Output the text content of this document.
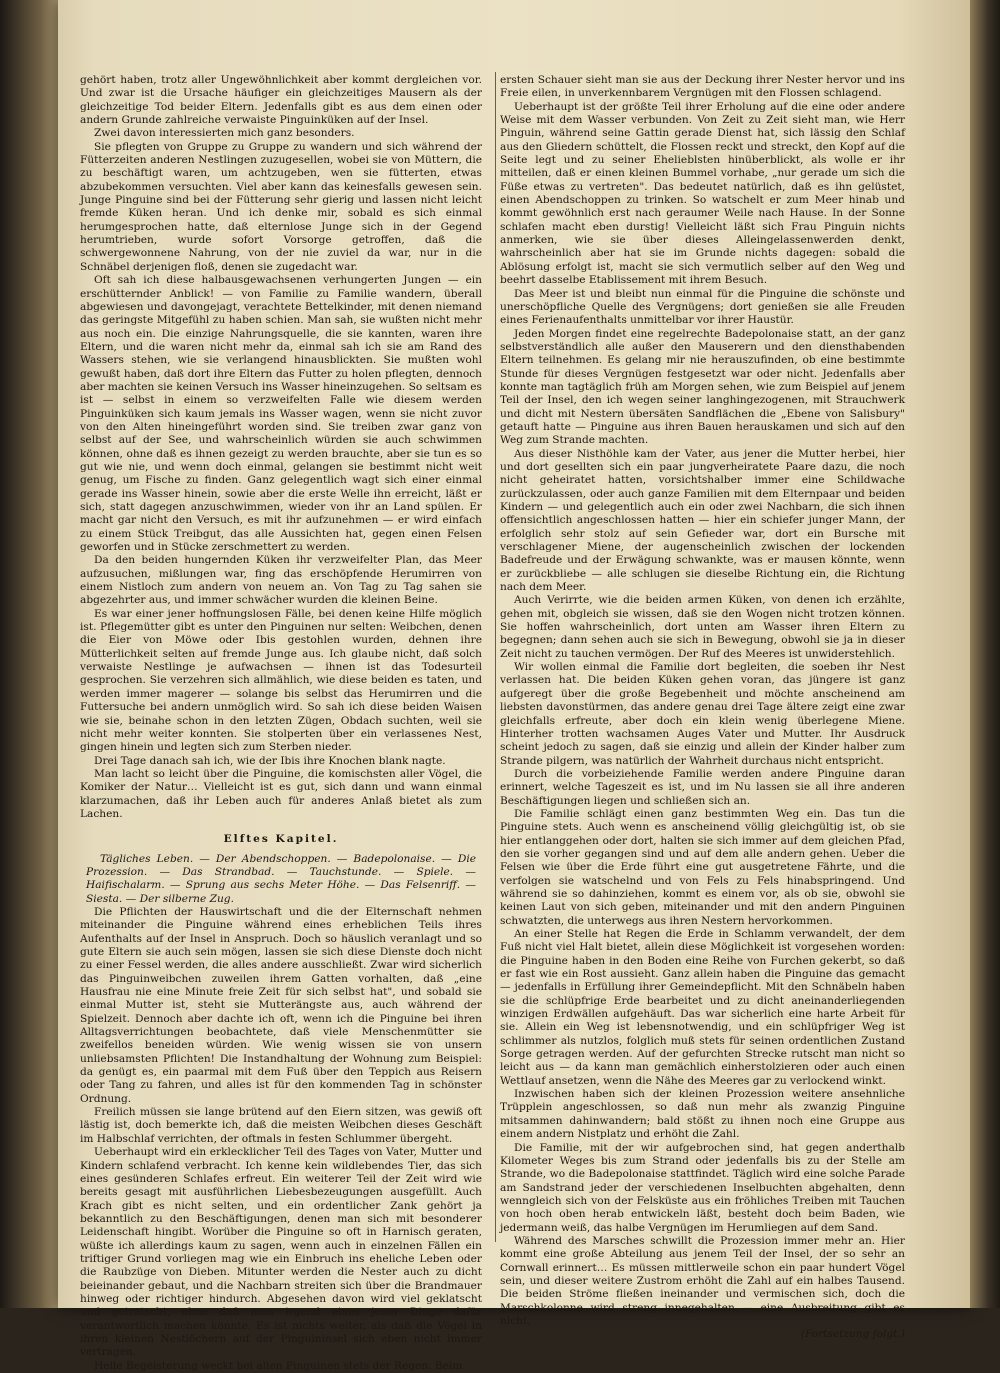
gehört haben, trotz aller Ungewöhnlichkeit aber kommt dergleichen vor. Und zwar ist die Ursache häufiger ein gleichzeitiges Mausern als der gleichzeitige Tod beider Eltern. Jedenfalls gibt es aus dem einen oder andern Grunde zahlreiche verwaiste Pinguinküken auf der Insel.

Zwei davon interessierten mich ganz besonders.

Sie pflegten von Gruppe zu Gruppe zu wandern und sich während der Fütterzeiten anderen Nestlingen zuzugesellen, wobei sie von Müttern, die zu beschäftigt waren, um achtzugeben, wen sie fütterten, etwas abzubekommen versuchten. Viel aber kann das keinesfalls gewesen sein. Junge Pinguine sind bei der Fütterung sehr gierig und lassen nicht leicht fremde Küken heran. Und ich denke mir, sobald es sich einmal herumgesprochen hatte, daß elternlose Junge sich in der Gegend herumtrieben, wurde sofort Vorsorge getroffen, daß die schwergewonnene Nahrung, von der nie zuviel da war, nur in die Schnäbel derjenigen floß, denen sie zugedacht war.

Oft sah ich diese halbausgewachsenen verhungerten Jungen — ein erschütternder Anblick! — von Familie zu Familie wandern, überall abgewiesen und davongejagt, verachtete Bettelkinder, mit denen niemand das geringste Mitgefühl zu haben schien. Man sah, sie wußten nicht mehr aus noch ein. Die einzige Nahrungsquelle, die sie kannten, waren ihre Eltern, und die waren nicht mehr da, einmal sah ich sie am Rand des Wassers stehen, wie sie verlangend hinausblickten. Sie mußten wohl gewußt haben, daß dort ihre Eltern das Futter zu holen pflegten, dennoch aber machten sie keinen Versuch ins Wasser hineinzugehen. So seltsam es ist — selbst in einem so verzweifelten Falle wie diesem werden Pinguinküken sich kaum jemals ins Wasser wagen, wenn sie nicht zuvor von den Alten hineingeführt worden sind. Sie treiben zwar ganz von selbst auf der See, und wahrscheinlich würden sie auch schwimmen können, ohne daß es ihnen gezeigt zu werden brauchte, aber sie tun es so gut wie nie, und wenn doch einmal, gelangen sie bestimmt nicht weit genug, um Fische zu finden. Ganz gelegentlich wagt sich einer einmal gerade ins Wasser hinein, sowie aber die erste Welle ihn erreicht, läßt er sich, statt dagegen anzuschwimmen, wieder von ihr an Land spülen. Er macht gar nicht den Versuch, es mit ihr aufzunehmen — er wird einfach zu einem Stück Treibgut, das alle Aussichten hat, gegen einen Felsen geworfen und in Stücke zerschmettert zu werden.

Da den beiden hungernden Küken ihr verzweifelter Plan, das Meer aufzusuchen, mißlungen war, fing das erschöpfende Herumirren von einem Nistloch zum andern von neuem an. Von Tag zu Tag sahen sie abgezehrter aus, und immer schwächer wurden die kleinen Beine.

Es war einer jener hoffnungslosen Fälle, bei denen keine Hilfe möglich ist. Pflegemütter gibt es unter den Pinguinen nur selten: Weibchen, denen die Eier von Möwe oder Ibis gestohlen wurden, dehnen ihre Mütterlichkeit selten auf fremde Junge aus. Ich glaube nicht, daß solch verwaiste Nestlinge je aufwachsen — ihnen ist das Todesurteil gesprochen. Sie verzehren sich allmählich, wie diese beiden es taten, und werden immer magerer — solange bis selbst das Herumirren und die Futtersuche bei andern unmöglich wird. So sah ich diese beiden Waisen wie sie, beinahe schon in den letzten Zügen, Obdach suchten, weil sie nicht mehr weiter konnten. Sie stolperten über ein verlassenes Nest, gingen hinein und legten sich zum Sterben nieder.

Drei Tage danach sah ich, wie der Ibis ihre Knochen blank nagte.

Man lacht so leicht über die Pinguine, die komischsten aller Vögel, die Komiker der Natur… Vielleicht ist es gut, sich dann und wann einmal klarzumachen, daß ihr Leben auch für anderes Anlaß bietet als zum Lachen.

Elftes Kapitel.

Tägliches Leben. — Der Abendschoppen. — Badepolonaise. — Die Prozession. — Das Strandbad. — Tauchstunde. — Spiele. — Haifischalarm. — Sprung aus sechs Meter Höhe. — Das Felsenriff. — Siesta. — Der silberne Zug.

Die Pflichten der Hauswirtschaft und die der Elternschaft nehmen miteinander die Pinguine während eines erheblichen Teils ihres Aufenthalts auf der Insel in Anspruch. Doch so häuslich veranlagt und so gute Eltern sie auch sein mögen, lassen sie sich diese Dienste doch nicht zu einer Fessel werden, die alles andere ausschließt. Zwar wird sicherlich das Pinguinweibchen zuweilen ihrem Gatten vorhalten, daß „eine Hausfrau nie eine Minute freie Zeit für sich selbst hat", und sobald sie einmal Mutter ist, steht sie Mutterängste aus, auch während der Spielzeit. Dennoch aber dachte ich oft, wenn ich die Pinguine bei ihren Alltagsverrichtungen beobachtete, daß viele Menschenmütter sie zweifellos beneiden würden. Wie wenig wissen sie von unsern unliebsamsten Pflichten! Die Instandhaltung der Wohnung zum Beispiel: da genügt es, ein paarmal mit dem Fuß über den Teppich aus Reisern oder Tang zu fahren, und alles ist für den kommenden Tag in schönster Ordnung.

Freilich müssen sie lange brütend auf den Eiern sitzen, was gewiß oft lästig ist, doch bemerkte ich, daß die meisten Weibchen dieses Geschäft im Halbschlaf verrichten, der oftmals in festen Schlummer übergeht.

Ueberhaupt wird ein erklecklicher Teil des Tages von Vater, Mutter und Kindern schlafend verbracht. Ich kenne kein wildlebendes Tier, das sich eines gesünderen Schlafes erfreut. Ein weiterer Teil der Zeit wird wie bereits gesagt mit ausführlichen Liebesbezeugungen ausgefüllt. Auch Krach gibt es nicht selten, und ein ordentlicher Zank gehört ja bekanntlich zu den Beschäftigungen, denen man sich mit besonderer Leidenschaft hingibt. Worüber die Pinguine so oft in Harnisch geraten, wüßte ich allerdings kaum zu sagen, wenn auch in einzelnen Fällen ein triftiger Grund vorliegen mag wie ein Einbruch ins eheliche Leben oder die Raubzüge von Dieben. Mitunter werden die Nester auch zu dicht beieinander gebaut, und die Nachbarn streiten sich über die Brandmauer hinweg oder richtiger hindurch. Abgesehen davon wird viel geklatscht und getratscht, ohne daß man irgend eines jener Dinge dafür verantwortlich machen könnte. Es ist nichts weiter, als daß die Vögel in ihren kleinen Nestlöchern auf der Pinguininsel sich eben nicht immer vertragen.

Helle Begeisterung weckt bei allen Pinguinen stets der Regen. Beim

ersten Schauer sieht man sie aus der Deckung ihrer Nester hervor und ins Freie eilen, in unverkennbarem Vergnügen mit den Flossen schlagend.

Ueberhaupt ist der größte Teil ihrer Erholung auf die eine oder andere Weise mit dem Wasser verbunden. Von Zeit zu Zeit sieht man, wie Herr Pinguin, während seine Gattin gerade Dienst hat, sich lässig den Schlaf aus den Gliedern schüttelt, die Flossen reckt und streckt, den Kopf auf die Seite legt und zu seiner Ehelieblsten hinüberblickt, als wolle er ihr mitteilen, daß er einen kleinen Bummel vorhabe, „nur gerade um sich die Füße etwas zu vertreten". Das bedeutet natürlich, daß es ihn gelüstet, einen Abendschoppen zu trinken. So watschelt er zum Meer hinab und kommt gewöhnlich erst nach geraumer Weile nach Hause. In der Sonne schlafen macht eben durstig! Vielleicht läßt sich Frau Pinguin nichts anmerken, wie sie über dieses Alleingelassenwerden denkt, wahrscheinlich aber hat sie im Grunde nichts dagegen: sobald die Ablösung erfolgt ist, macht sie sich vermutlich selber auf den Weg und beehrt dasselbe Etablissement mit ihrem Besuch.

Das Meer ist und bleibt nun einmal für die Pinguine die schönste und unerschöpfliche Quelle des Vergnügens; dort genießen sie alle Freuden eines Ferienaufenthalts unmittelbar vor ihrer Haustür.

Jeden Morgen findet eine regelrechte Badepolonaise statt, an der ganz selbstverständlich alle außer den Mauserern und den diensthabenden Eltern teilnehmen. Es gelang mir nie herauszufinden, ob eine bestimmte Stunde für dieses Vergnügen festgesetzt war oder nicht. Jedenfalls aber konnte man tagtäglich früh am Morgen sehen, wie zum Beispiel auf jenem Teil der Insel, den ich wegen seiner langhingezogenen, mit Strauchwerk und dicht mit Nestern übersäten Sandflächen die „Ebene von Salisbury" getauft hatte — Pinguine aus ihren Bauen herauskamen und sich auf den Weg zum Strande machten.

Aus dieser Nisthöhle kam der Vater, aus jener die Mutter herbei, hier und dort gesellten sich ein paar jungverheiratete Paare dazu, die noch nicht geheiratet hatten, vorsichtshalber immer eine Schildwache zurückzulassen, oder auch ganze Familien mit dem Elternpaar und beiden Kindern — und gelegentlich auch ein oder zwei Nachbarn, die sich ihnen offensichtlich angeschlossen hatten — hier ein schiefer junger Mann, der erfolglich sehr stolz auf sein Gefieder war, dort ein Bursche mit verschlagener Miene, der augenscheinlich zwischen der lockenden Badefreude und der Erwägung schwankte, was er mausen könnte, wenn er zurückbliebe — alle schlugen sie dieselbe Richtung ein, die Richtung nach dem Meer.

Auch Verirrte, wie die beiden armen Küken, von denen ich erzählte, gehen mit, obgleich sie wissen, daß sie den Wogen nicht trotzen können. Sie hoffen wahrscheinlich, dort unten am Wasser ihren Eltern zu begegnen; dann sehen auch sie sich in Bewegung, obwohl sie ja in dieser Zeit nicht zu tauchen vermögen. Der Ruf des Meeres ist unwiderstehlich.

Wir wollen einmal die Familie dort begleiten, die soeben ihr Nest verlassen hat. Die beiden Küken gehen voran, das jüngere ist ganz aufgeregt über die große Begebenheit und möchte anscheinend am liebsten davonstürmen, das andere genau drei Tage ältere zeigt eine zwar gleichfalls erfreute, aber doch ein klein wenig überlegene Miene. Hinterher trotten wachsamen Auges Vater und Mutter. Ihr Ausdruck scheint jedoch zu sagen, daß sie einzig und allein der Kinder halber zum Strande pilgern, was natürlich der Wahrheit durchaus nicht entspricht.

Durch die vorbeiziehende Familie werden andere Pinguine daran erinnert, welche Tageszeit es ist, und im Nu lassen sie all ihre anderen Beschäftigungen liegen und schließen sich an.

Die Familie schlägt einen ganz bestimmten Weg ein. Das tun die Pinguine stets. Auch wenn es anscheinend völlig gleichgültig ist, ob sie hier entlanggehen oder dort, halten sie sich immer auf dem gleichen Pfad, den sie vorher gegangen sind und auf dem alle andern gehen. Ueber die Felsen wie über die Erde führt eine gut ausgetretene Fährte, und die verfolgen sie watschelnd und von Fels zu Fels hinabspringend. Und während sie so dahinziehen, kommt es einem vor, als ob sie, obwohl sie keinen Laut von sich geben, miteinander und mit den andern Pinguinen schwatzten, die unterwegs aus ihren Nestern hervorkommen.

An einer Stelle hat Regen die Erde in Schlamm verwandelt, der dem Fuß nicht viel Halt bietet, allein diese Möglichkeit ist vorgesehen worden: die Pinguine haben in den Boden eine Reihe von Furchen gekerbt, so daß er fast wie ein Rost aussieht. Ganz allein haben die Pinguine das gemacht — jedenfalls in Erfüllung ihrer Gemeindepflicht. Mit den Schnäbeln haben sie die schlüpfrige Erde bearbeitet und zu dicht aneinanderliegenden winzigen Erdwällen aufgehäuft. Das war sicherlich eine harte Arbeit für sie. Allein ein Weg ist lebensnotwendig, und ein schlüpfriger Weg ist schlimmer als nutzlos, folglich muß stets für seinen ordentlichen Zustand Sorge getragen werden. Auf der gefurchten Strecke rutscht man nicht so leicht aus — da kann man gemächlich einherstolzieren oder auch einen Wettlauf ansetzen, wenn die Nähe des Meeres gar zu verlockend winkt.

Inzwischen haben sich der kleinen Prozession weitere ansehnliche Trüpplein angeschlossen, so daß nun mehr als zwanzig Pinguine mitsammen dahinwandern; bald stößt zu ihnen noch eine Gruppe aus einem andern Nistplatz und erhöht die Zahl.

Die Familie, mit der wir aufgebrochen sind, hat gegen anderthalb Kilometer Weges bis zum Strand oder jedenfalls bis zu der Stelle am Strande, wo die Badepolonaise stattfindet. Täglich wird eine solche Parade am Sandstrand jeder der verschiedenen Inselbuchten abgehalten, denn wenngleich sich von der Felsküste aus ein fröhliches Treiben mit Tauchen von hoch oben herab entwickeln läßt, besteht doch beim Baden, wie jedermann weiß, das halbe Vergnügen im Herumliegen auf dem Sand.

Während des Marsches schwillt die Prozession immer mehr an. Hier kommt eine große Abteilung aus jenem Teil der Insel, der so sehr an Cornwall erinnert… Es müssen mittlerweile schon ein paar hundert Vögel sein, und dieser weitere Zustrom erhöht die Zahl auf ein halbes Tausend. Die beiden Ströme fließen ineinander und vermischen sich, doch die Marschkolonne wird streng innegehalten — eine Ausbreitung gibt es nicht.

(Fortsetzung folgt.)
